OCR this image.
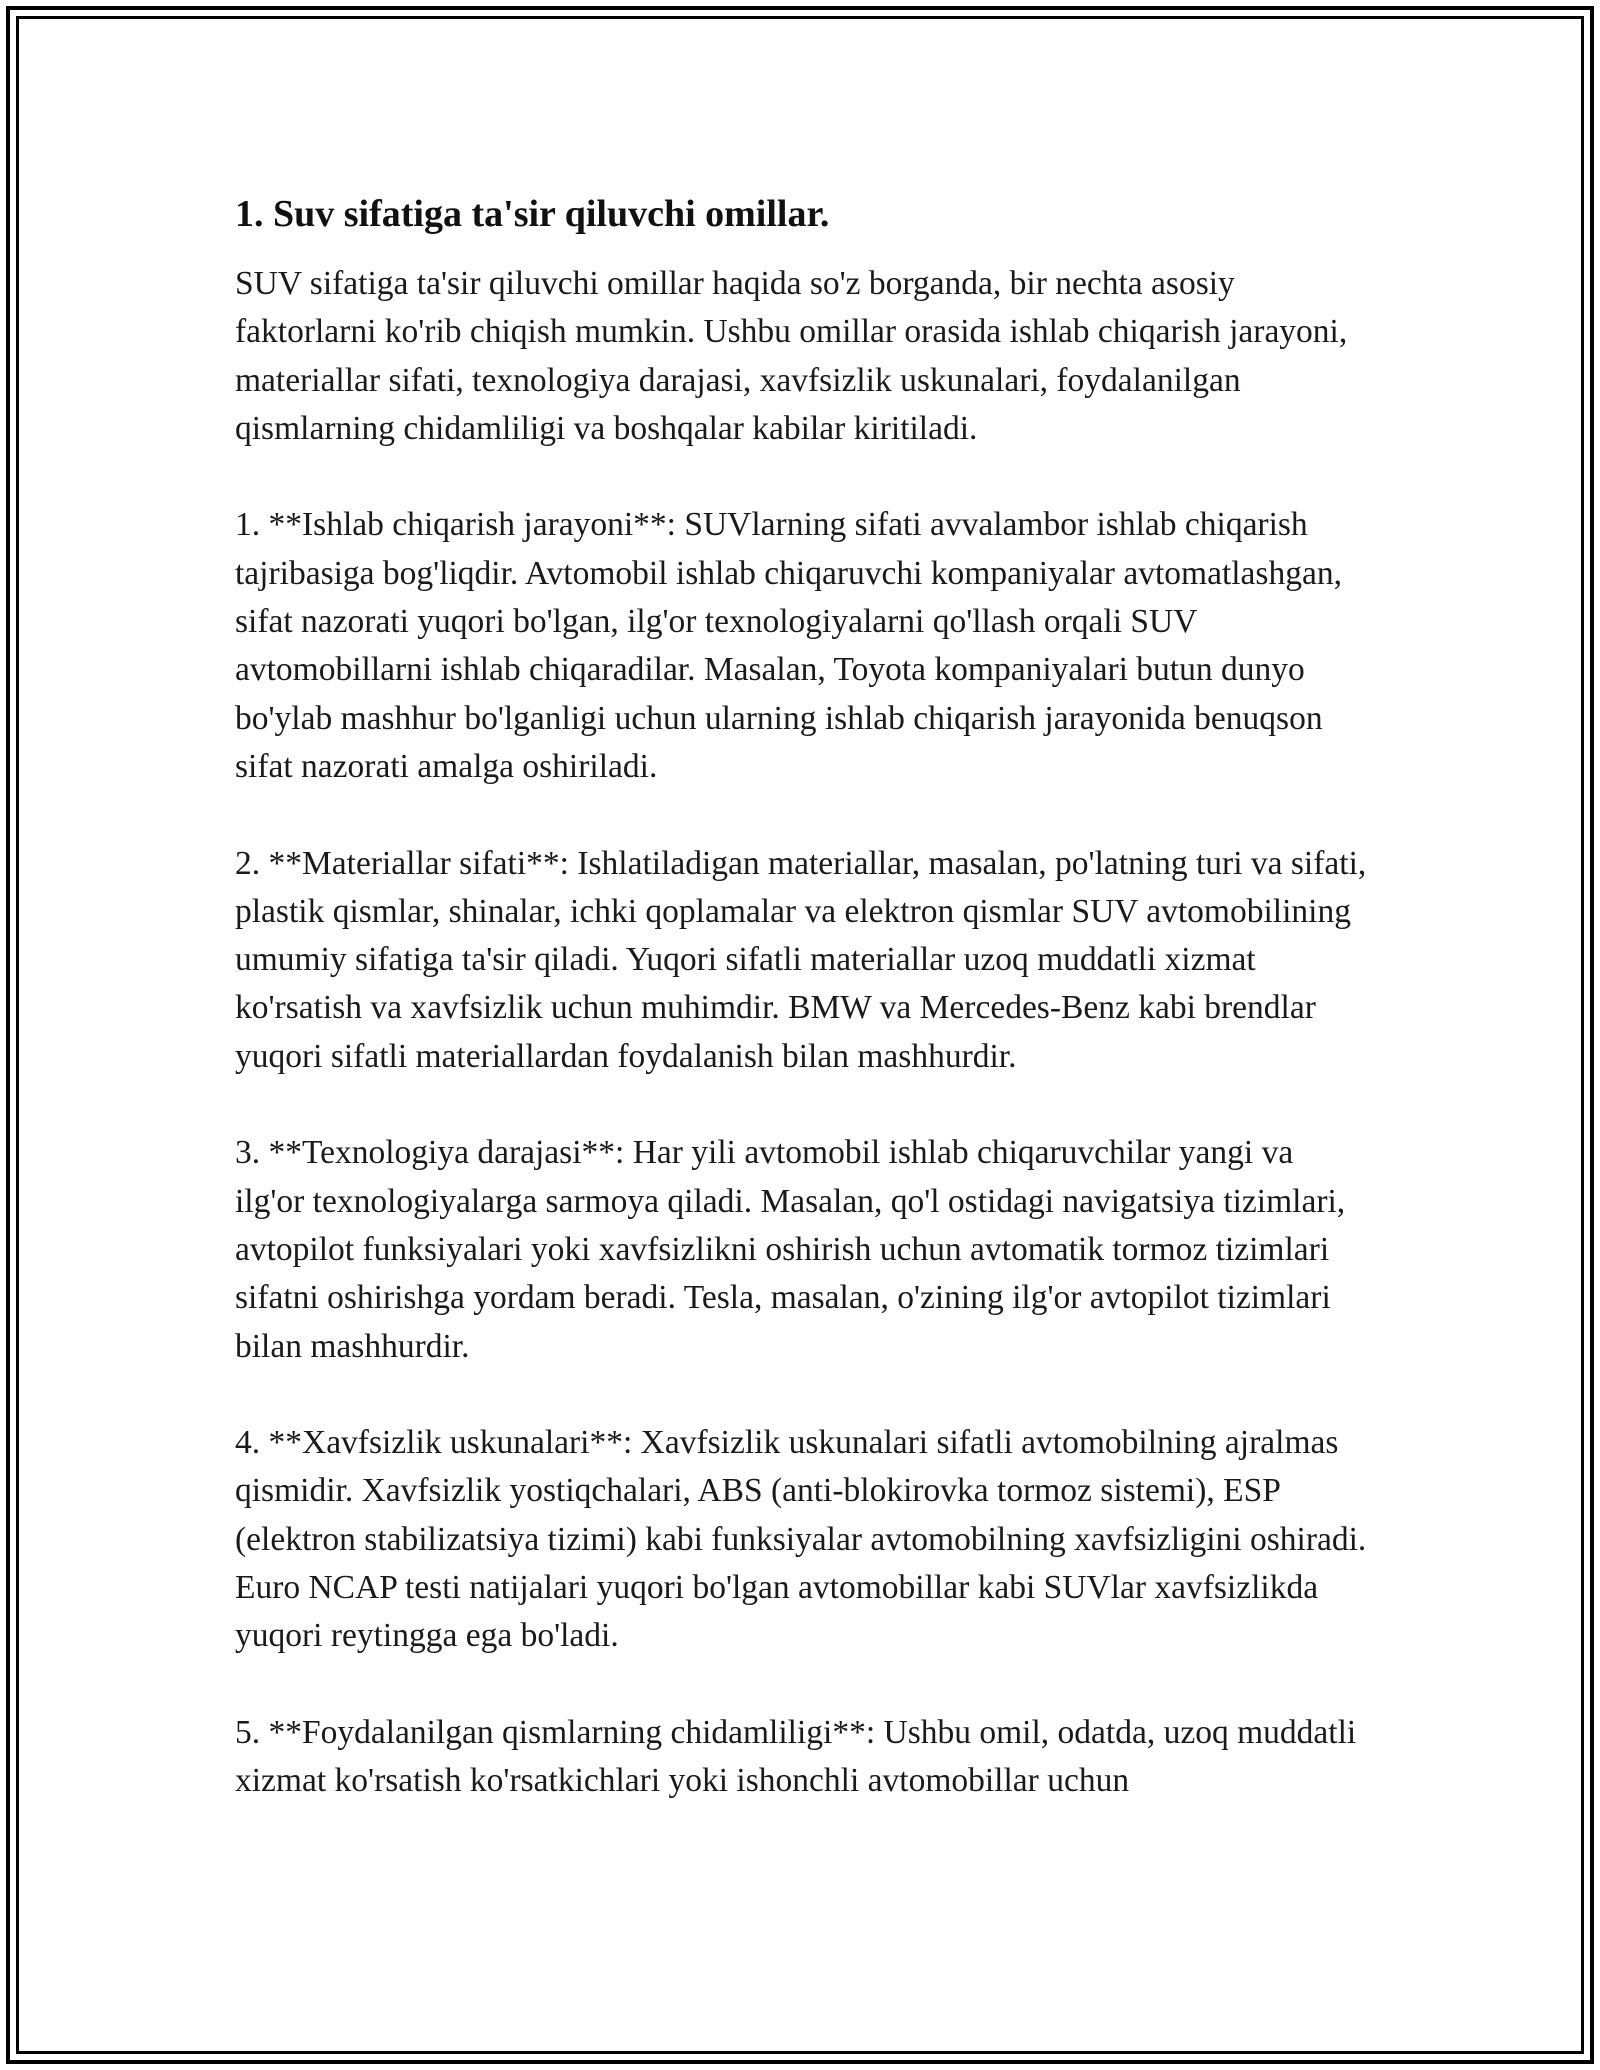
1. Suv sifatiga ta'sir qiluvchi omillar.

SUV sifatiga ta'sir qiluvchi omillar haqida so'z borganda, bir nechta asosiy faktorlarni ko'rib chiqish mumkin. Ushbu omillar orasida ishlab chiqarish jarayoni, materiallar sifati, texnologiya darajasi, xavfsizlik uskunalari, foydalanilgan qismlarning chidamliligi va boshqalar kabilar kiritiladi.

1. **Ishlab chiqarish jarayoni**: SUVlarning sifati avvalambor ishlab chiqarish tajribasiga bog'liqdir. Avtomobil ishlab chiqaruvchi kompaniyalar avtomatlashgan, sifat nazorati yuqori bo'lgan, ilg'or texnologiyalarni qo'llash orqali SUV avtomobillarni ishlab chiqaradilar. Masalan, Toyota kompaniyalari butun dunyo bo'ylab mashhur bo'lganligi uchun ularning ishlab chiqarish jarayonida benuqson sifat nazorati amalga oshiriladi.

2. **Materiallar sifati**: Ishlatiladigan materiallar, masalan, po'latning turi va sifati, plastik qismlar, shinalar, ichki qoplamalar va elektron qismlar SUV avtomobilining umumiy sifatiga ta'sir qiladi. Yuqori sifatli materiallar uzoq muddatli xizmat ko'rsatish va xavfsizlik uchun muhimdir. BMW va Mercedes-Benz kabi brendlar yuqori sifatli materiallardan foydalanish bilan mashhurdir.

3. **Texnologiya darajasi**: Har yili avtomobil ishlab chiqaruvchilar yangi va ilg'or texnologiyalarga sarmoya qiladi. Masalan, qo'l ostidagi navigatsiya tizimlari, avtopilot funksiyalari yoki xavfsizlikni oshirish uchun avtomatik tormoz tizimlari sifatni oshirishga yordam beradi. Tesla, masalan, o'zining ilg'or avtopilot tizimlari bilan mashhurdir.

4. **Xavfsizlik uskunalari**: Xavfsizlik uskunalari sifatli avtomobilning ajralmas qismidir. Xavfsizlik yostiqchalari, ABS (anti-blokirovka tormoz sistemi), ESP (elektron stabilizatsiya tizimi) kabi funksiyalar avtomobilning xavfsizligini oshiradi. Euro NCAP testi natijalari yuqori bo'lgan avtomobillar kabi SUVlar xavfsizlikda yuqori reytingga ega bo'ladi.

5. **Foydalanilgan qismlarning chidamliligi**: Ushbu omil, odatda, uzoq muddatli xizmat ko'rsatish ko'rsatkichlari yoki ishonchli avtomobillar uchun
